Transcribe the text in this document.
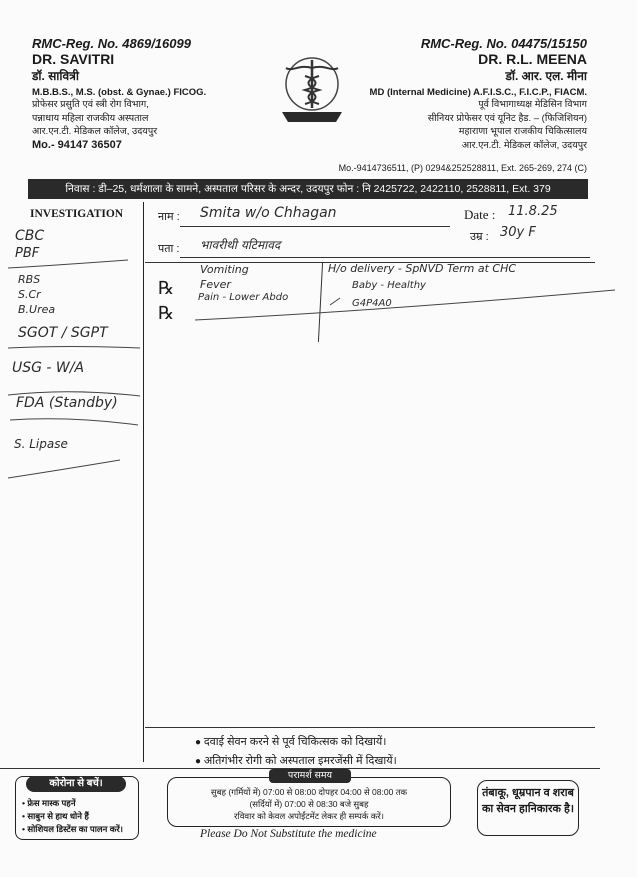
RMC-Reg. No. 4869/16099
DR. SAVITRI
डॉ. सावित्री
M.B.B.S., M.S. (obst. & Gynae.) FICOG.
प्रोफेसर प्रसुति एवं स्त्री रोग विभाग,
पन्नाधाय महिला राजकीय अस्पताल
आर.एन.टी. मेडिकल कॉलेज, उदयपुर
Mo.- 94147 36507
RMC-Reg. No. 04475/15150
DR. R.L. MEENA
डॉ. आर. एल. मीना
MD (Internal Medicine) A.F.I.S.C., F.I.C.P., FIACM.
पूर्व विभागाध्यक्ष मेडिसिन विभाग
सीनियर प्रोफेसर एवं यूनिट हैड. – (फिजिशियन)
महाराणा भूपाल राजकीय चिकित्सालय
आर.एन.टी. मेडिकल कॉलेज, उदयपुर
Mo.-9414736511, (P) 0294&252528811, Ext. 265-269, 274 (C)
निवास : डी–25, धर्मशाला के सामने, अस्पताल परिसर के अन्दर, उदयपुर फोन : नि 2425722, 2422110, 2528811, Ext. 379
INVESTIGATION
CBC
PBF
RBS
S.Cr
B.Urea
SGOT / SGPT
USG - W/A
FDA (Standby)
S. Lipase
नाम : Smita w/o Chhagan	Date : 11.8.25
पता : भावरीथी यटिमावद
उम्र : 30y F
℞
℞
Vomiting
Fever
Pain - Lower Abdo
H/o delivery - SpNVD Term at CHC
Baby - Healthy
G4P4A0
● दवाई सेवन करने से पूर्व चिकित्सक को दिखायें।
● अतिगंभीर रोगी को अस्पताल इमरजेंसी में दिखायें।
कोरोना से बचें।
• फ्रेस मास्क पहनें
• साबुन से हाथ धोने हैं
• सोशियल डिस्टेंस का पालन करें।
परामर्श समय
सुबह (गर्मियों में) 07:00 से 08:00 दोपहर 04:00 से 08:00 तक
(सर्दियों में) 07:00 से 08:30 बजे सुबह
रविवार को केवल अपोईंटमेंट लेकर ही सम्पर्क करें।
तंबाकू, धूम्रपान व शराब का सेवन हानिकारक है।
Please Do Not Substitute the medicine
